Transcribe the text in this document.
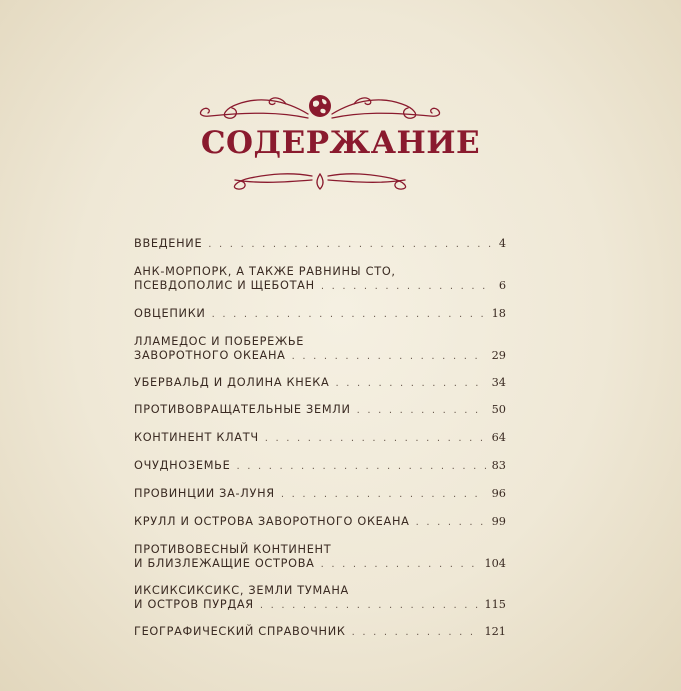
СОДЕРЖАНИЕ
ВВЕДЕНИЕ . . .	4
АНК-МОРПОРК, А ТАКЖЕ РАВНИНЫ СТО,
ПСЕВДОПОЛИС И ЩЕБОТАН . . .	6
ОВЦЕПИКИ . . .	18
ЛЛАМЕДОС И ПОБЕРЕЖЬЕ
ЗАВОРОТНОГО ОКЕАНА . . .	29
УБЕРВАЛЬД И ДОЛИНА КНЕКА . . .	34
ПРОТИВОВРАЩАТЕЛЬНЫЕ ЗЕМЛИ . . .	50
КОНТИНЕНТ КЛАТЧ . . .	64
ОЧУДНОЗЕМЬЕ . . .	83
ПРОВИНЦИИ ЗА-ЛУНЯ . . .	96
КРУЛЛ И ОСТРОВА ЗАВОРОТНОГО ОКЕАНА . . .	99
ПРОТИВОВЕСНЫЙ КОНТИНЕНТ
И БЛИЗЛЕЖАЩИЕ ОСТРОВА . . .	104
ИКСИКСИКСИКС, ЗЕМЛИ ТУМАНА
И ОСТРОВ ПУРДАЯ . . .	115
ГЕОГРАФИЧЕСКИЙ СПРАВОЧНИК . . .	121
